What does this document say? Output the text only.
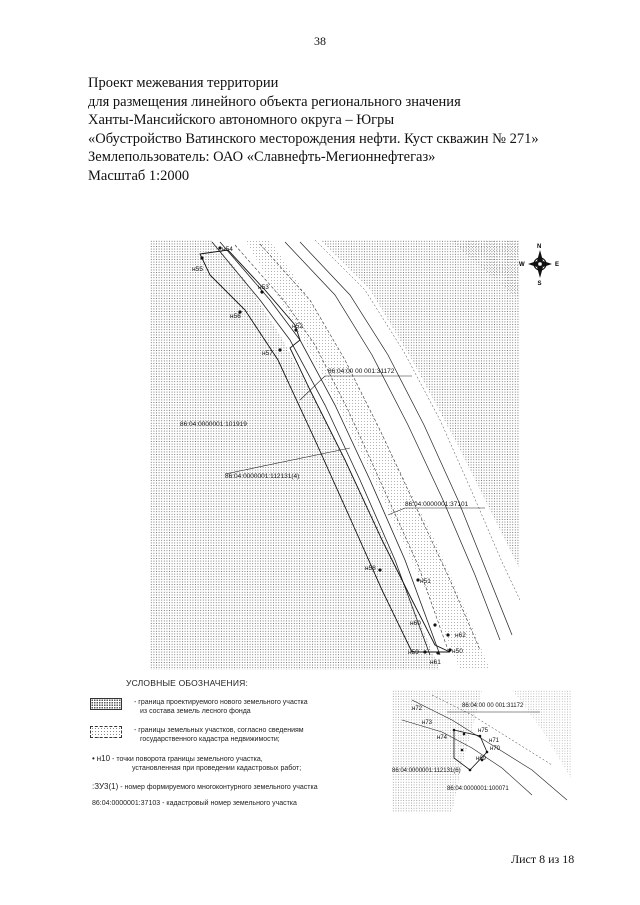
38
Проект межевания территории
для размещения линейного объекта регионального значения
Ханты-Мансийского автономного округа – Югры
«Обустройство Ватинского месторождения нефти. Куст скважин № 271»
Землепользователь: ОАО «Славнефть-Мегионнефтегаз»
Масштаб 1:2000
н54
н55
н53
н56
н52
н57
н58
н51
н60
н62
н59	н50
н61
86:04:00 00 001:31172
86:04:0000001:101919
86:04:0000001:112131(4)
86:04:0000001:37101
N
S
W	E
УСЛОВНЫЕ ОБОЗНАЧЕНИЯ:
- граница проектируемого нового земельного участка
из состава земель лесного фонда
- границы земельных участков, согласно сведениям
государственного кадастра недвижимости;
• н10 - точки поворота границы земельного участка,
установленная при проведении кадастровых работ;
:ЗУ3(1) - номер формируемого многоконтурного земельного участка
86:04:0000001:37103 - кадастровый номер земельного участка
н72
н73
н75
н74	н71
н70
н69
86:04:00 00 001:31172
86:04:0000001:112131(6)
86:04:0000001:100071
Лист 8 из 18
